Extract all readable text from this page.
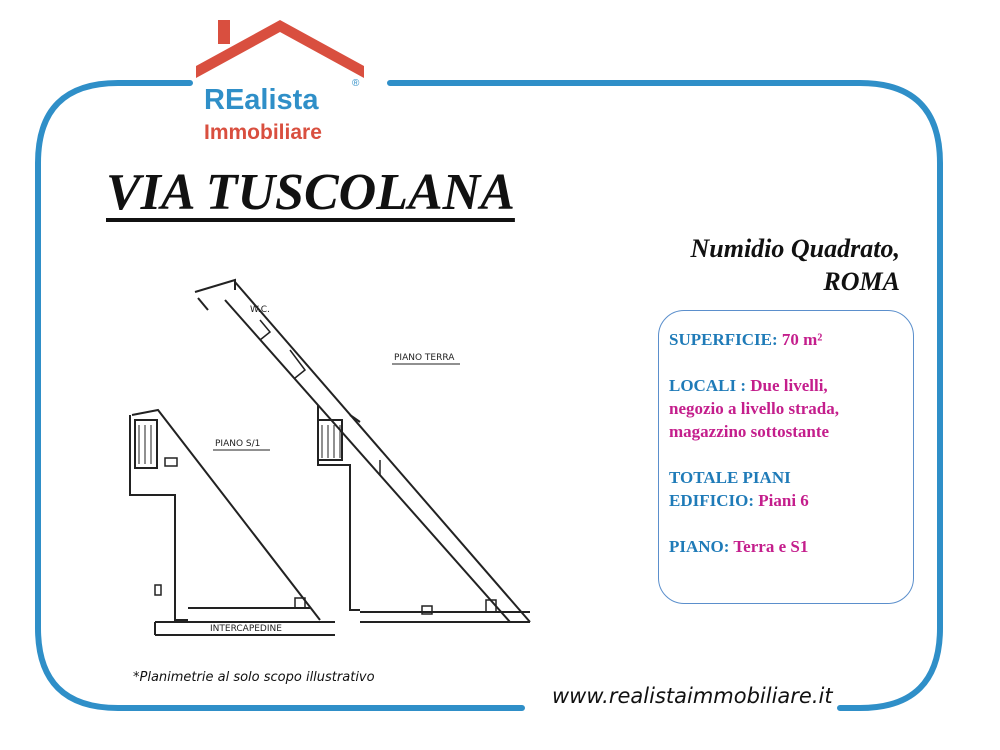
REalista
®
Immobiliare
VIA TUSCOLANA
Numidio Quadrato,
ROMA

SUPERFICIE: 70 m²

LOCALI : Due livelli,
negozio a livello strada,
magazzino sottostante

TOTALE PIANI
EDIFICIO: Piani 6

PIANO: Terra e S1

PIANO TERRA
PIANO S/1
INTERCAPEDINE
W.C.
*Planimetrie al solo scopo illustrativo
www.realistaimmobiliare.it
